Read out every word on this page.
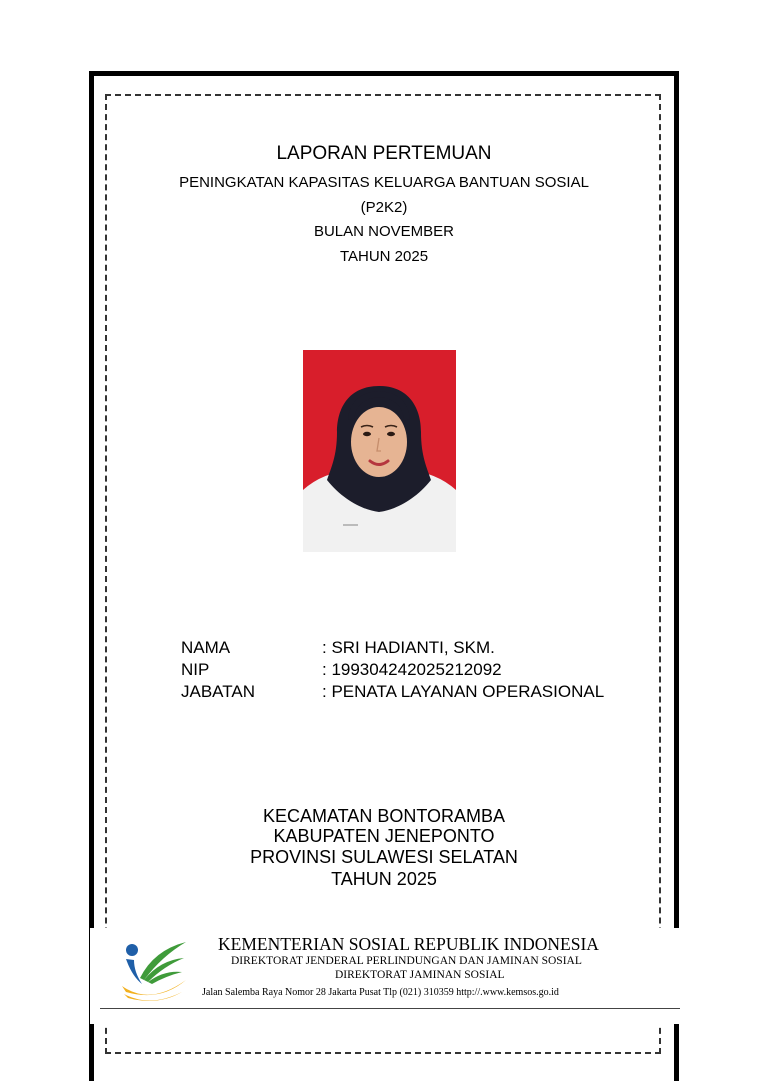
LAPORAN PERTEMUAN
PENINGKATAN KAPASITAS KELUARGA BANTUAN SOSIAL
(P2K2)
BULAN NOVEMBER
TAHUN 2025
NAMA	: SRI HADIANTI, SKM.
NIP	: 199304242025212092
JABATAN	: PENATA LAYANAN OPERASIONAL
KECAMATAN BONTORAMBA
KABUPATEN JENEPONTO
PROVINSI SULAWESI SELATAN
TAHUN 2025
KEMENTERIAN SOSIAL REPUBLIK INDONESIA
DIREKTORAT JENDERAL PERLINDUNGAN DAN JAMINAN SOSIAL
DIREKTORAT JAMINAN SOSIAL
Jalan Salemba Raya Nomor 28 Jakarta Pusat Tlp (021) 310359 http://.www.kemsos.go.id
